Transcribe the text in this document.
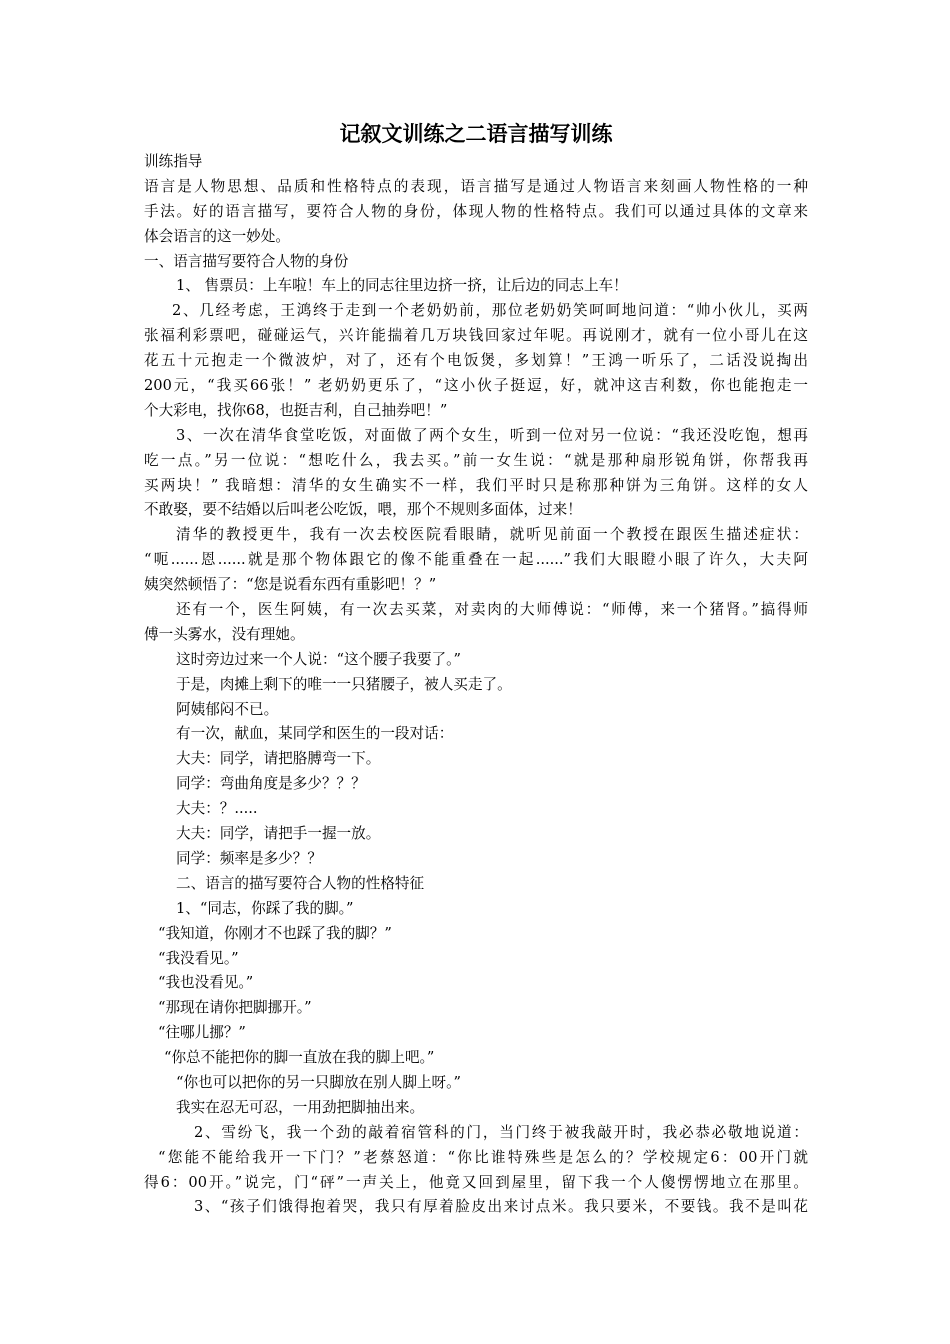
记叙文训练之二语言描写训练
训练指导
语言是人物思想、品质和性格特点的表现，语言描写是通过人物语言来刻画人物性格的一种
手法。好的语言描写，要符合人物的身份，体现人物的性格特点。我们可以通过具体的文章来
体会语言的这一妙处。
一、语言描写要符合人物的身份
1、 售票员：上车啦！车上的同志往里边挤一挤，让后边的同志上车！
2、几经考虑，王鸿终于走到一个老奶奶前，那位老奶奶笑呵呵地问道：“帅小伙儿，买两
张福利彩票吧，碰碰运气，兴许能揣着几万块钱回家过年呢。再说刚才，就有一位小哥儿在这
花五十元抱走一个微波炉，对了，还有个电饭煲，多划算！”王鸿一听乐了，二话没说掏出
200元，“我买66张！” 老奶奶更乐了，“这小伙子挺逗，好，就冲这吉利数，你也能抱走一
个大彩电，找你68，也挺吉利，自己抽券吧！”
3、一次在清华食堂吃饭，对面做了两个女生，听到一位对另一位说：“我还没吃饱，想再
吃一点。”另一位说：“想吃什么，我去买。”前一女生说：“就是那种扇形锐角饼，你帮我再
买两块！” 我暗想：清华的女生确实不一样，我们平时只是称那种饼为三角饼。这样的女人
不敢娶，要不结婚以后叫老公吃饭，喂，那个不规则多面体，过来！
清华的教授更牛，我有一次去校医院看眼睛，就听见前面一个教授在跟医生描述症状：
“呃......恩......就是那个物体跟它的像不能重叠在一起......”我们大眼瞪小眼了许久，大夫阿
姨突然顿悟了：“您是说看东西有重影吧！？”
还有一个，医生阿姨，有一次去买菜，对卖肉的大师傅说：“师傅，来一个猪肾。”搞得师
傅一头雾水，没有理她。
这时旁边过来一个人说：“这个腰子我要了。”
于是，肉摊上剩下的唯一一只猪腰子，被人买走了。
阿姨郁闷不已。
有一次，献血，某同学和医生的一段对话：
大夫：同学，请把胳膊弯一下。
同学：弯曲角度是多少？？？
大夫：？.....
大夫：同学，请把手一握一放。
同学：频率是多少？？
二、语言的描写要符合人物的性格特征
1、“同志，你踩了我的脚。”
“我知道，你刚才不也踩了我的脚？”
“我没看见。”
“我也没看见。”
“那现在请你把脚挪开。”
“往哪儿挪？”
“你总不能把你的脚一直放在我的脚上吧。”
“你也可以把你的另一只脚放在别人脚上呀。”
我实在忍无可忍，一用劲把脚抽出来。
2、雪纷飞，我一个劲的敲着宿管科的门，当门终于被我敲开时，我必恭必敬地说道：
“您能不能给我开一下门？”老蔡怒道：“你比谁特殊些是怎么的？学校规定6：00开门就
得6：00开。”说完，门“砰”一声关上，他竟又回到屋里，留下我一个人傻愣愣地立在那里。
3、“孩子们饿得抱着哭，我只有厚着脸皮出来讨点米。我只要米，不要钱。我不是叫花
